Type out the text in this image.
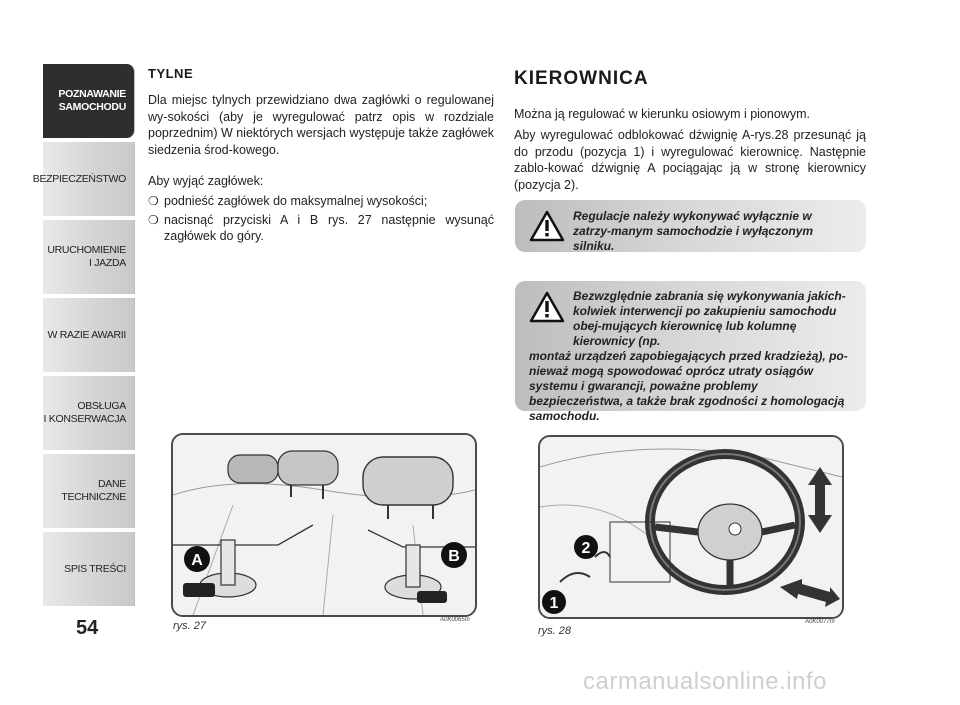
POZNAWANIE
SAMOCHODU
BEZPIECZEŃSTWO
URUCHOMIENIE
I JAZDA
W RAZIE AWARII
OBSŁUGA
I KONSERWACJA
DANE
TECHNICZNE
SPIS TREŚCI
54
TYLNE
Dla miejsc tylnych przewidziano dwa zagłówki o regulowanej wy-sokości (aby je wyregulować patrz opis w rozdziale poprzednim) W niektórych wersjach występuje także zagłówek siedzenia środ-kowego.
Aby wyjąć zagłówek:
❍ podnieść zagłówek do maksymalnej wysokości;
❍ nacisnąć przyciski A i B rys. 27 następnie wysunąć zagłówek do góry.
KIEROWNICA
Można ją regulować w kierunku osiowym i pionowym.
Aby wyregulować odblokować dźwignię A-rys.28 przesunąć ją do przodu (pozycja 1) i wyregulować kierownicę. Następnie zablo-kować dźwignię A pociągając ją w stronę kierownicy (pozycja 2).
Regulacje należy wykonywać wyłącznie w zatrzy-manym samochodzie i wyłączonym silniku.
Bezwzględnie zabrania się wykonywania jakich-kolwiek interwencji po zakupieniu samochodu obej-mujących kierownicę lub kolumnę kierownicy (np.
montaż urządzeń zapobiegających przed kradzieżą), po-nieważ mogą spowodować oprócz utraty osiągów systemu i gwarancji, poważne problemy bezpieczeństwa, a także brak zgodności z homologacją samochodu.
A	B
rys. 27	A0K0065m
2
1
rys. 28
A0K0077m
carmanualsonline.info
